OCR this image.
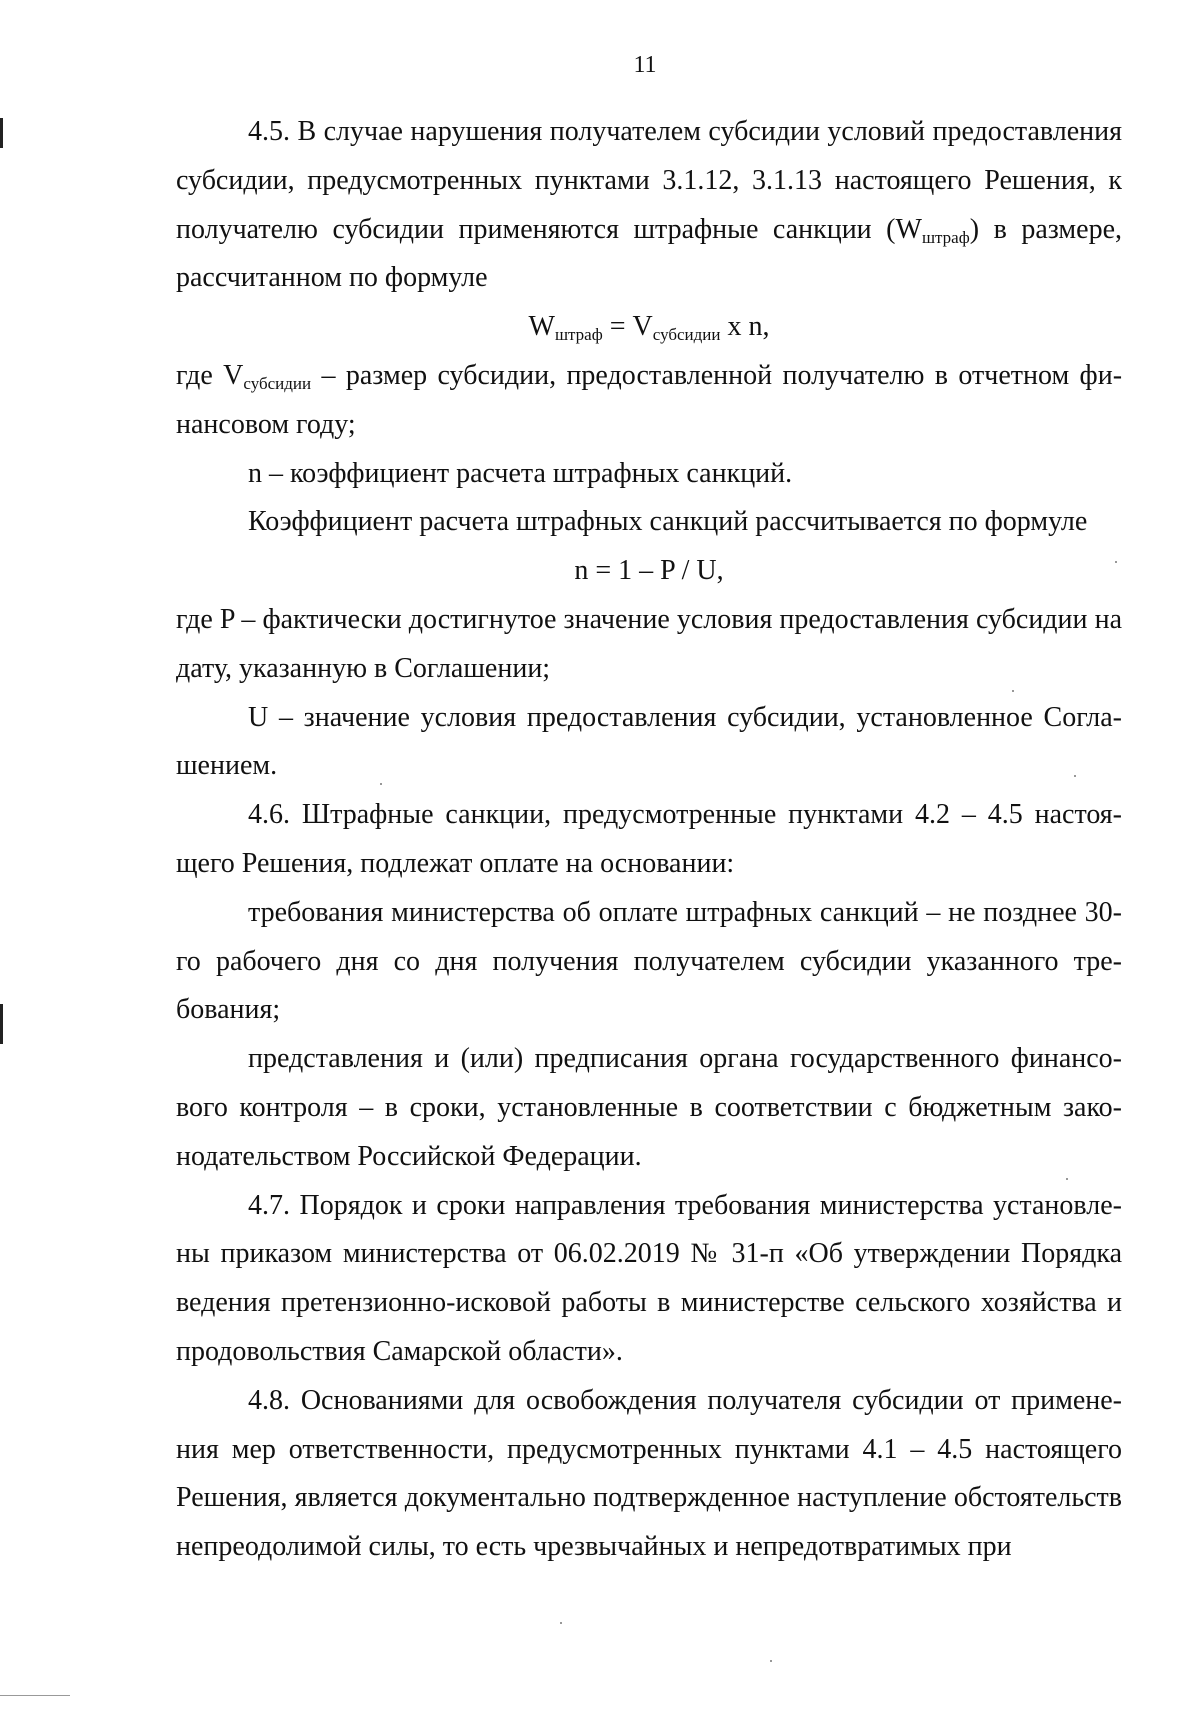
11

4.5. В случае нарушения получателем субсидии условий предоставления субсидии, предусмотренных пунктами 3.1.12, 3.1.13 настоящего Решения, к получателю субсидии применяются штрафные санкции $(W_{штраф})$ в размере, рассчитанном по формуле

$W_{штраф} = V_{субсидии}$ x n,

где $V_{субсидии}$ – размер субсидии, предоставленной получателю в отчетном финансовом году;

n – коэффициент расчета штрафных санкций.

Коэффициент расчета штрафных санкций рассчитывается по формуле

n = 1 – P / U,

где P – фактически достигнутое значение условия предоставления субсидии на дату, указанную в Соглашении;

U – значение условия предоставления субсидии, установленное Соглашением.

4.6. Штрафные санкции, предусмотренные пунктами 4.2 – 4.5 настоящего Решения, подлежат оплате на основании:

требования министерства об оплате штрафных санкций – не позднее 30-го рабочего дня со дня получения получателем субсидии указанного требования;

представления и (или) предписания органа государственного финансового контроля – в сроки, установленные в соответствии с бюджетным законодательством Российской Федерации.

4.7. Порядок и сроки направления требования министерства установлены приказом министерства от 06.02.2019 № 31-п «Об утверждении Порядка ведения претензионно-исковой работы в министерстве сельского хозяйства и продовольствия Самарской области».

4.8. Основаниями для освобождения получателя субсидии от применения мер ответственности, предусмотренных пунктами 4.1 – 4.5 настоящего Решения, является документально подтвержденное наступление обстоятельств непреодолимой силы, то есть чрезвычайных и непредотвратимых при
